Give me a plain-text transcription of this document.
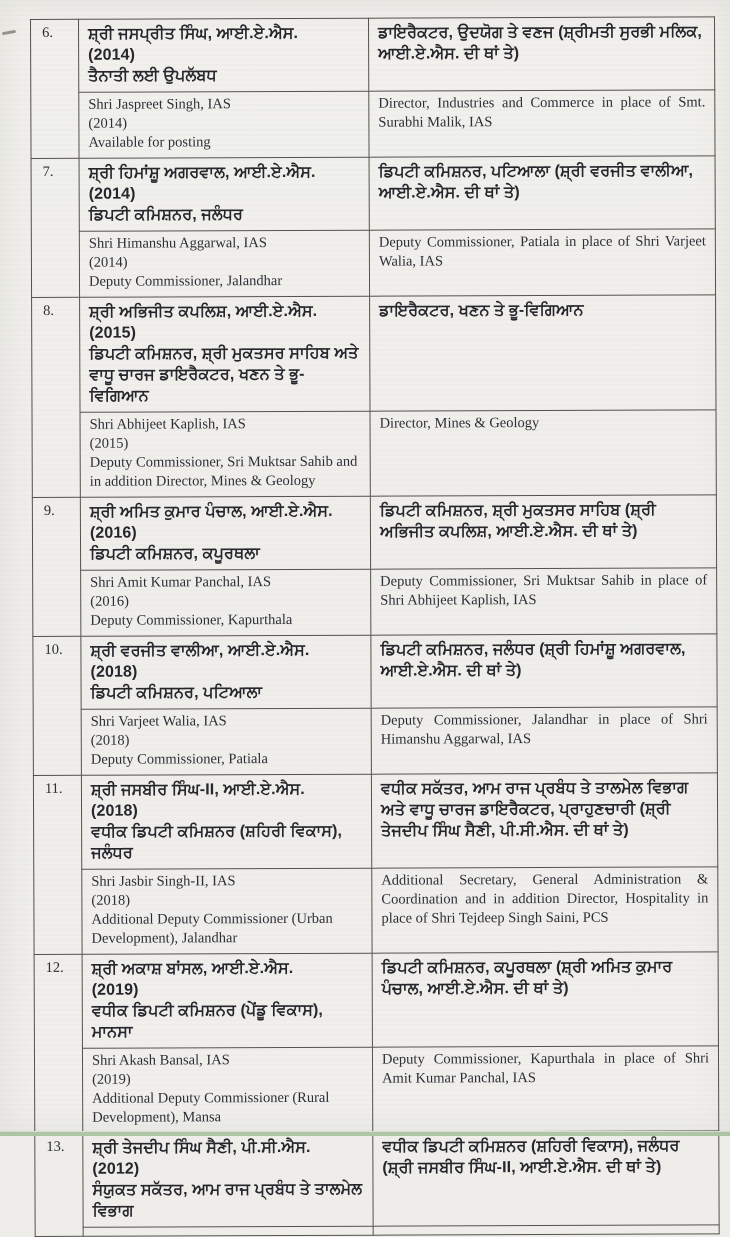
6.	ਸ਼੍ਰੀ ਜਸਪ੍ਰੀਤ ਸਿੰਘ, ਆਈ.ਏ.ਐਸ.
(2014)
ਤੈਨਾਤੀ ਲਈ ਉਪਲੱਬਧ	ਡਾਇਰੈਕਟਰ, ਉਦਯੋਗ ਤੇ ਵਣਜ (ਸ਼੍ਰੀਮਤੀ ਸੁਰਭੀ ਮਲਿਕ, ਆਈ.ਏ.ਐਸ. ਦੀ ਥਾਂ ਤੇ)
	Shri Jaspreet Singh, IAS
(2014)
Available for posting	Director, Industries and Commerce in place of Smt. Surabhi Malik, IAS
7.	ਸ਼੍ਰੀ ਹਿਮਾਂਸ਼ੂ ਅਗਰਵਾਲ, ਆਈ.ਏ.ਐਸ.
(2014)
ਡਿਪਟੀ ਕਮਿਸ਼ਨਰ, ਜਲੰਧਰ	ਡਿਪਟੀ ਕਮਿਸ਼ਨਰ, ਪਟਿਆਲਾ (ਸ਼੍ਰੀ ਵਰਜੀਤ ਵਾਲੀਆ, ਆਈ.ਏ.ਐਸ. ਦੀ ਥਾਂ ਤੇ)
	Shri Himanshu Aggarwal, IAS
(2014)
Deputy Commissioner, Jalandhar	Deputy Commissioner, Patiala in place of Shri Varjeet Walia, IAS
8.	ਸ਼੍ਰੀ ਅਭਿਜੀਤ ਕਪਲਿਸ਼, ਆਈ.ਏ.ਐਸ.
(2015)
ਡਿਪਟੀ ਕਮਿਸ਼ਨਰ, ਸ਼੍ਰੀ ਮੁਕਤਸਰ ਸਾਹਿਬ ਅਤੇ ਵਾਧੂ ਚਾਰਜ ਡਾਇਰੈਕਟਰ, ਖਣਨ ਤੇ ਭੂ-ਵਿਗਿਆਨ	ਡਾਇਰੈਕਟਰ, ਖਣਨ ਤੇ ਭੂ-ਵਿਗਿਆਨ
	Shri Abhijeet Kaplish, IAS
(2015)
Deputy Commissioner, Sri Muktsar Sahib and in addition Director, Mines & Geology	Director, Mines & Geology
9.	ਸ਼੍ਰੀ ਅਮਿਤ ਕੁਮਾਰ ਪੰਚਾਲ, ਆਈ.ਏ.ਐਸ.
(2016)
ਡਿਪਟੀ ਕਮਿਸ਼ਨਰ, ਕਪੂਰਥਲਾ	ਡਿਪਟੀ ਕਮਿਸ਼ਨਰ, ਸ਼੍ਰੀ ਮੁਕਤਸਰ ਸਾਹਿਬ (ਸ਼੍ਰੀ ਅਭਿਜੀਤ ਕਪਲਿਸ਼, ਆਈ.ਏ.ਐਸ. ਦੀ ਥਾਂ ਤੇ)
	Shri Amit Kumar Panchal, IAS
(2016)
Deputy Commissioner, Kapurthala	Deputy Commissioner, Sri Muktsar Sahib in place of Shri Abhijeet Kaplish, IAS
10.	ਸ਼੍ਰੀ ਵਰਜੀਤ ਵਾਲੀਆ, ਆਈ.ਏ.ਐਸ.
(2018)
ਡਿਪਟੀ ਕਮਿਸ਼ਨਰ, ਪਟਿਆਲਾ	ਡਿਪਟੀ ਕਮਿਸ਼ਨਰ, ਜਲੰਧਰ (ਸ਼੍ਰੀ ਹਿਮਾਂਸ਼ੂ ਅਗਰਵਾਲ, ਆਈ.ਏ.ਐਸ. ਦੀ ਥਾਂ ਤੇ)
	Shri Varjeet Walia, IAS
(2018)
Deputy Commissioner, Patiala	Deputy Commissioner, Jalandhar in place of Shri Himanshu Aggarwal, IAS
11.	ਸ਼੍ਰੀ ਜਸਬੀਰ ਸਿੰਘ-II, ਆਈ.ਏ.ਐਸ.
(2018)
ਵਧੀਕ ਡਿਪਟੀ ਕਮਿਸ਼ਨਰ (ਸ਼ਹਿਰੀ ਵਿਕਾਸ), ਜਲੰਧਰ	ਵਧੀਕ ਸਕੱਤਰ, ਆਮ ਰਾਜ ਪ੍ਰਬੰਧ ਤੇ ਤਾਲਮੇਲ ਵਿਭਾਗ ਅਤੇ ਵਾਧੂ ਚਾਰਜ ਡਾਇਰੈਕਟਰ, ਪ੍ਰਾਹੁਣਚਾਰੀ (ਸ਼੍ਰੀ ਤੇਜਦੀਪ ਸਿੰਘ ਸੈਣੀ, ਪੀ.ਸੀ.ਐਸ. ਦੀ ਥਾਂ ਤੇ)
	Shri Jasbir Singh-II, IAS
(2018)
Additional Deputy Commissioner (Urban Development), Jalandhar	Additional Secretary, General Administration & Coordination and in addition Director, Hospitality in place of Shri Tejdeep Singh Saini, PCS
12.	ਸ਼੍ਰੀ ਅਕਾਸ਼ ਬਾਂਸਲ, ਆਈ.ਏ.ਐਸ.
(2019)
ਵਧੀਕ ਡਿਪਟੀ ਕਮਿਸ਼ਨਰ (ਪੇਂਡੂ ਵਿਕਾਸ), ਮਾਨਸਾ	ਡਿਪਟੀ ਕਮਿਸ਼ਨਰ, ਕਪੂਰਥਲਾ (ਸ਼੍ਰੀ ਅਮਿਤ ਕੁਮਾਰ ਪੰਚਾਲ, ਆਈ.ਏ.ਐਸ. ਦੀ ਥਾਂ ਤੇ)
	Shri Akash Bansal, IAS
(2019)
Additional Deputy Commissioner (Rural Development), Mansa	Deputy Commissioner, Kapurthala in place of Shri Amit Kumar Panchal, IAS
13.	ਸ਼੍ਰੀ ਤੇਜਦੀਪ ਸਿੰਘ ਸੈਣੀ, ਪੀ.ਸੀ.ਐਸ.
(2012)
ਸੰਯੁਕਤ ਸਕੱਤਰ, ਆਮ ਰਾਜ ਪ੍ਰਬੰਧ ਤੇ ਤਾਲਮੇਲ ਵਿਭਾਗ	ਵਧੀਕ ਡਿਪਟੀ ਕਮਿਸ਼ਨਰ (ਸ਼ਹਿਰੀ ਵਿਕਾਸ), ਜਲੰਧਰ (ਸ਼੍ਰੀ ਜਸਬੀਰ ਸਿੰਘ-II, ਆਈ.ਏ.ਐਸ. ਦੀ ਥਾਂ ਤੇ)
